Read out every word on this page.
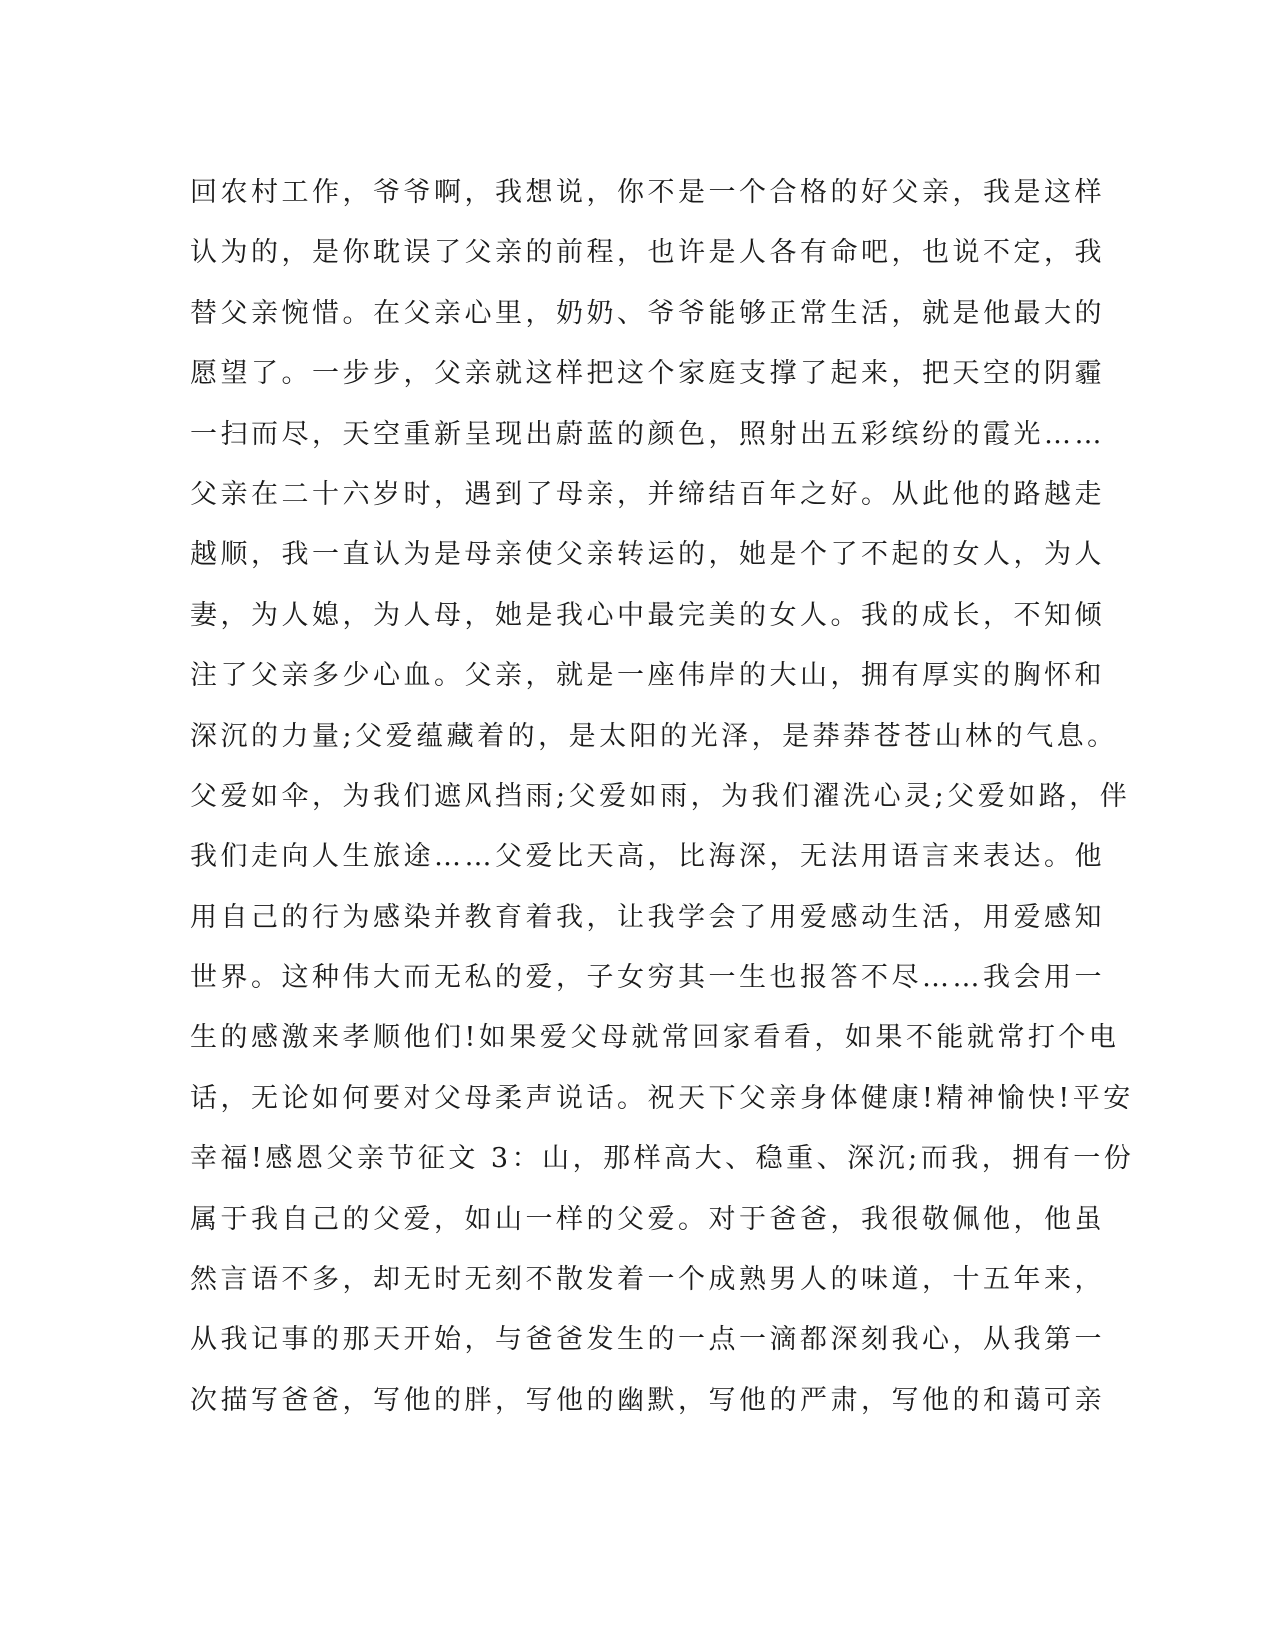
回农村工作，爷爷啊，我想说，你不是一个合格的好父亲，我是这样
认为的，是你耽误了父亲的前程，也许是人各有命吧，也说不定，我
替父亲惋惜。在父亲心里，奶奶、爷爷能够正常生活，就是他最大的
愿望了。一步步，父亲就这样把这个家庭支撑了起来，把天空的阴霾
一扫而尽，天空重新呈现出蔚蓝的颜色，照射出五彩缤纷的霞光……
父亲在二十六岁时，遇到了母亲，并缔结百年之好。从此他的路越走
越顺，我一直认为是母亲使父亲转运的，她是个了不起的女人，为人
妻，为人媳，为人母，她是我心中最完美的女人。我的成长，不知倾
注了父亲多少心血。父亲，就是一座伟岸的大山，拥有厚实的胸怀和
深沉的力量;父爱蕴藏着的，是太阳的光泽，是莽莽苍苍山林的气息。
父爱如伞，为我们遮风挡雨;父爱如雨，为我们濯洗心灵;父爱如路，伴
我们走向人生旅途……父爱比天高，比海深，无法用语言来表达。他
用自己的行为感染并教育着我，让我学会了用爱感动生活，用爱感知
世界。这种伟大而无私的爱，子女穷其一生也报答不尽……我会用一
生的感激来孝顺他们!如果爱父母就常回家看看，如果不能就常打个电
话，无论如何要对父母柔声说话。祝天下父亲身体健康!精神愉快!平安
幸福!感恩父亲节征文 3：山，那样高大、稳重、深沉;而我，拥有一份
属于我自己的父爱，如山一样的父爱。对于爸爸，我很敬佩他，他虽
然言语不多，却无时无刻不散发着一个成熟男人的味道，十五年来，
从我记事的那天开始，与爸爸发生的一点一滴都深刻我心，从我第一
次描写爸爸，写他的胖，写他的幽默，写他的严肃，写他的和蔼可亲
